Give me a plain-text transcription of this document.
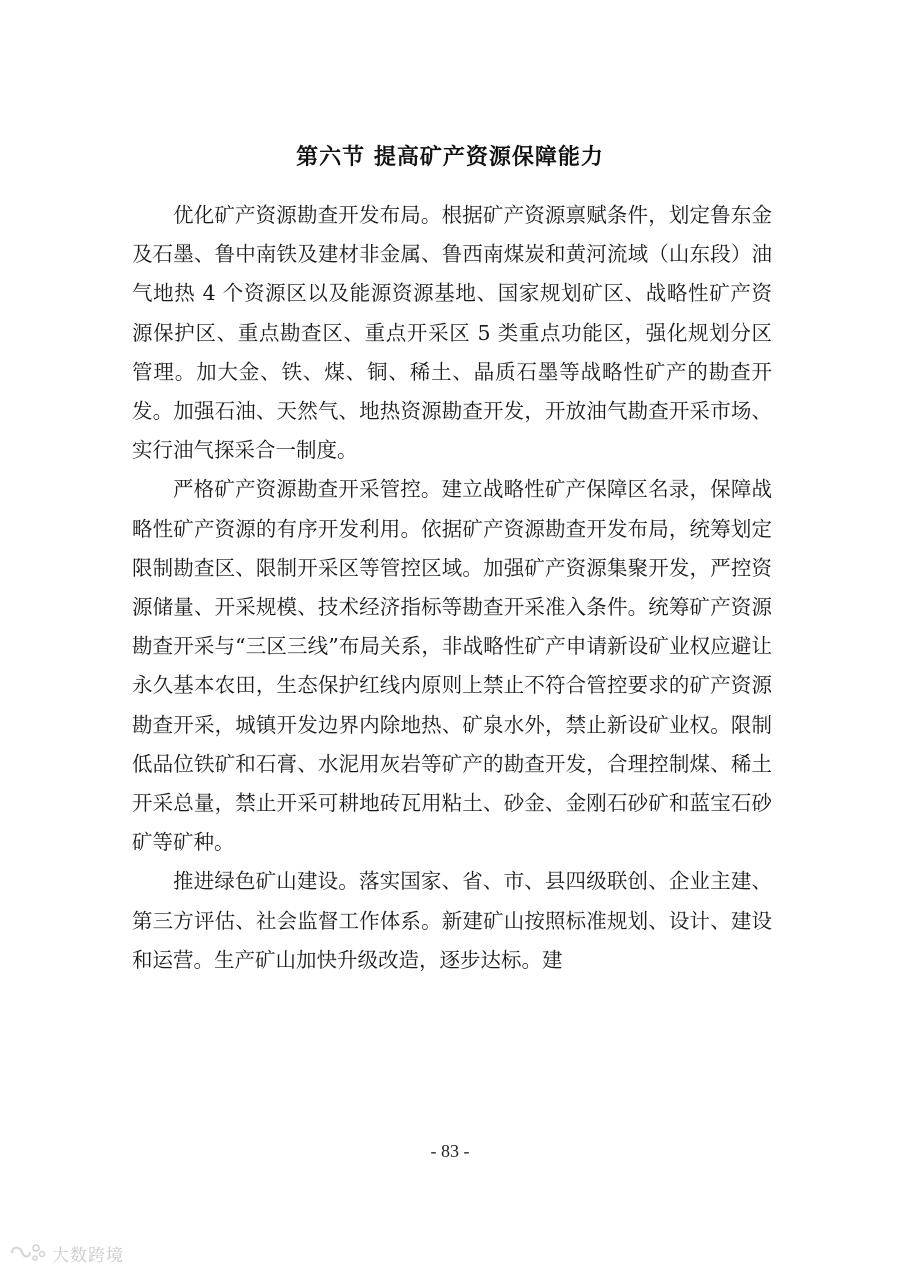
第六节 提高矿产资源保障能力

优化矿产资源勘查开发布局。根据矿产资源禀赋条件，划定鲁东金及石墨、鲁中南铁及建材非金属、鲁西南煤炭和黄河流域（山东段）油气地热 4 个资源区以及能源资源基地、国家规划矿区、战略性矿产资源保护区、重点勘查区、重点开采区 5 类重点功能区，强化规划分区管理。加大金、铁、煤、铜、稀土、晶质石墨等战略性矿产的勘查开发。加强石油、天然气、地热资源勘查开发，开放油气勘查开采市场、实行油气探采合一制度。

严格矿产资源勘查开采管控。建立战略性矿产保障区名录，保障战略性矿产资源的有序开发利用。依据矿产资源勘查开发布局，统筹划定限制勘查区、限制开采区等管控区域。加强矿产资源集聚开发，严控资源储量、开采规模、技术经济指标等勘查开采准入条件。统筹矿产资源勘查开采与“三区三线”布局关系，非战略性矿产申请新设矿业权应避让永久基本农田，生态保护红线内原则上禁止不符合管控要求的矿产资源勘查开采，城镇开发边界内除地热、矿泉水外，禁止新设矿业权。限制低品位铁矿和石膏、水泥用灰岩等矿产的勘查开发，合理控制煤、稀土开采总量，禁止开采可耕地砖瓦用粘土、砂金、金刚石砂矿和蓝宝石砂矿等矿种。

推进绿色矿山建设。落实国家、省、市、县四级联创、企业主建、第三方评估、社会监督工作体系。新建矿山按照标准规划、设计、建设和运营。生产矿山加快升级改造，逐步达标。建

- 83 -
大数跨境
